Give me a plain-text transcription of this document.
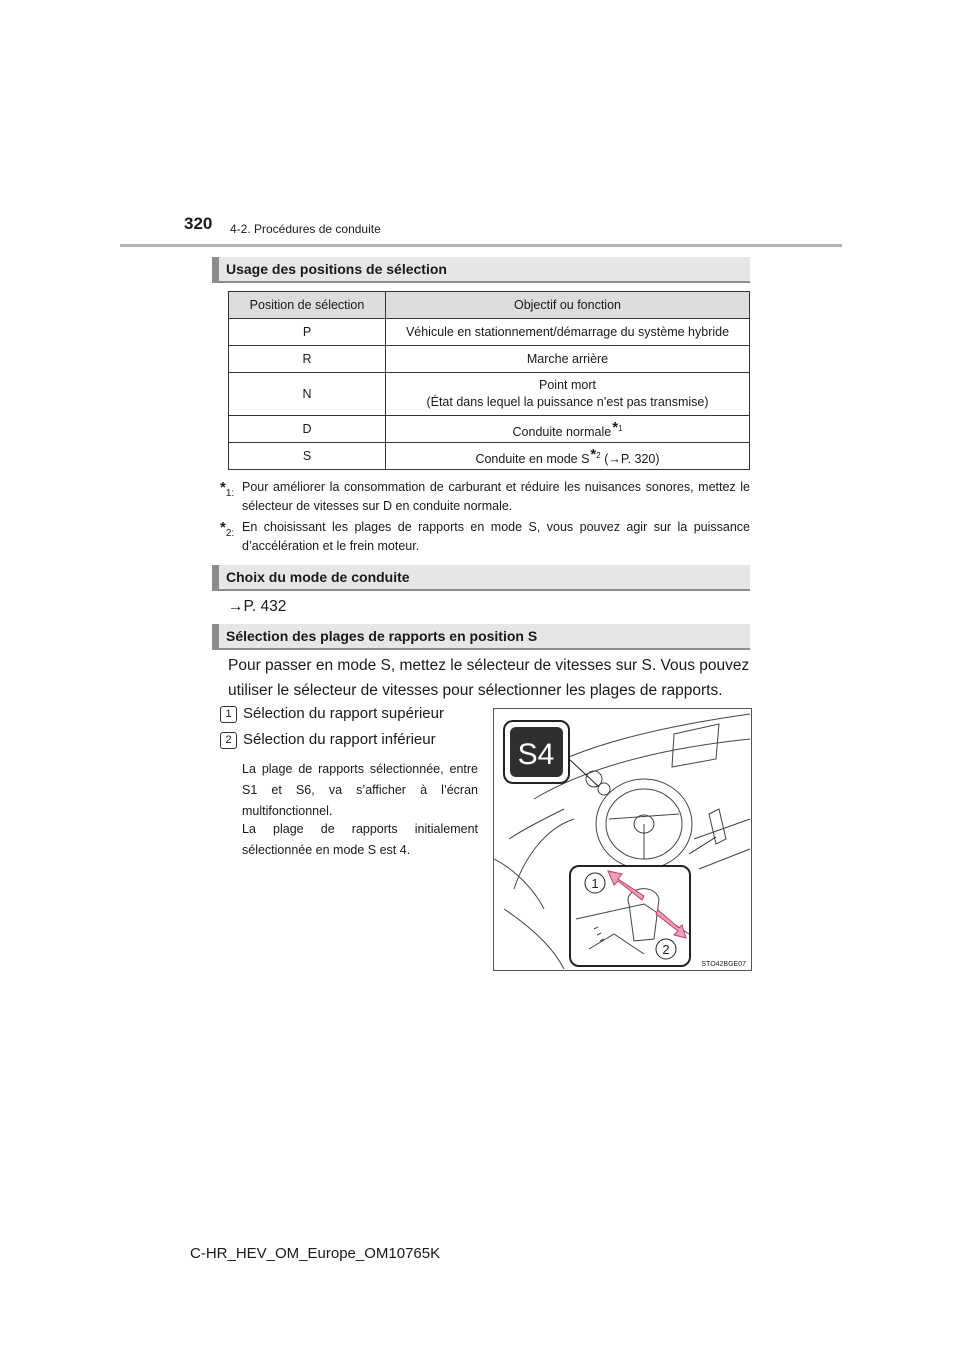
320 4-2. Procédures de conduite
Usage des positions de sélection
Position de sélection	Objectif ou fonction
P	Véhicule en stationnement/démarrage du système hybride
R	Marche arrière
N	Point mort
(État dans lequel la puissance n’est pas transmise)
D	Conduite normale*$^1$
S	Conduite en mode S*$^2$ (→P. 320)
*1: Pour améliorer la consommation de carburant et réduire les nuisances sonores, mettez le sélecteur de vitesses sur D en conduite normale.
*2: En choisissant les plages de rapports en mode S, vous pouvez agir sur la puissance d’accélération et le frein moteur.
Choix du mode de conduite
→P. 432
Sélection des plages de rapports en position S
Pour passer en mode S, mettez le sélecteur de vitesses sur S. Vous pouvez utiliser le sélecteur de vitesses pour sélectionner les plages de rapports.
1 Sélection du rapport supérieur
2 Sélection du rapport inférieur
La plage de rapports sélectionnée, entre S1 et S6, va s’afficher à l’écran multifonctionnel.
La plage de rapports initialement sélectionnée en mode S est 4.
S4
1
2
STO42BGE07
C-HR_HEV_OM_Europe_OM10765K
